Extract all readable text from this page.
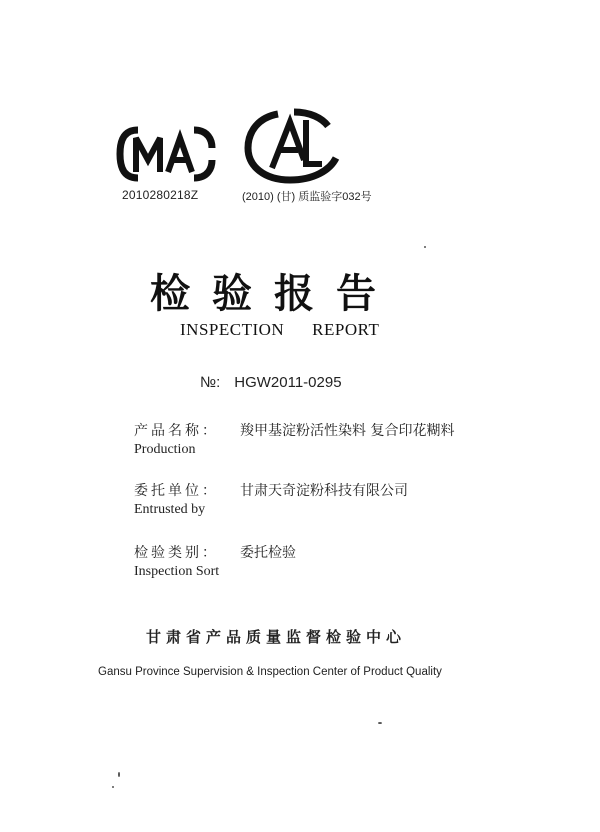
2010280218Z	(2010) (甘) 质监验字032号
检验报告
INSPECTION REPORT
№: HGW2011-0295
产品名称： 羧甲基淀粉活性染料 复合印花糊料
Production
委托单位： 甘肃天奇淀粉科技有限公司
Entrusted by
检验类别： 委托检验
Inspection Sort
甘肃省产品质量监督检验中心
Gansu Province Supervision & Inspection Center of Product Quality
